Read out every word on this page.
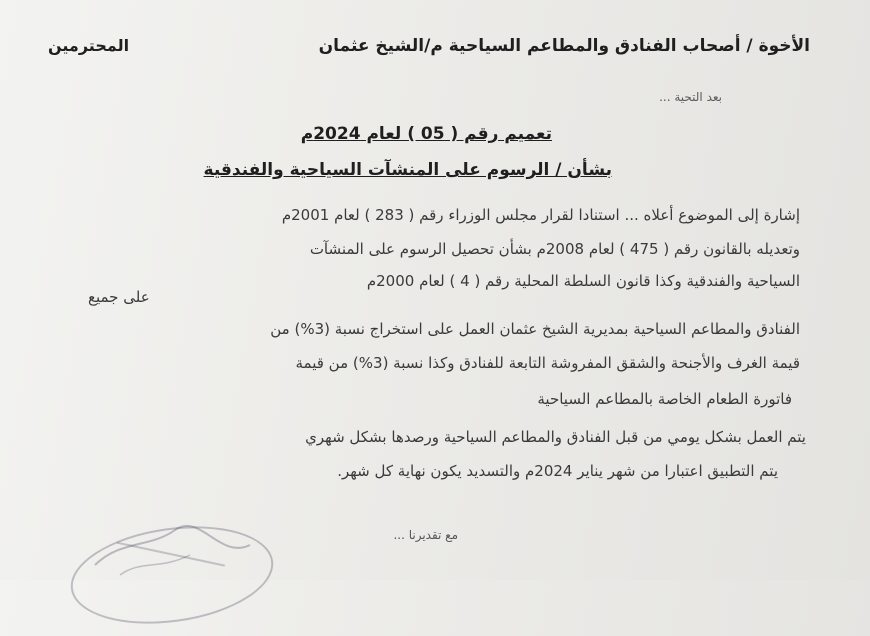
الأخوة / أصحاب الفنادق والمطاعم السياحية م/الشيخ عثمان
المحترمين
بعد التحية ...
تعميم رقم ( 05 ) لعام 2024م
بشأن / الرسوم على المنشآت السياحية والفندقية
إشارة إلى الموضوع أعلاه ... استنادا لقرار مجلس الوزراء رقم ( 283 ) لعام 2001م
وتعديله بالقانون رقم ( 475 ) لعام 2008م بشأن تحصيل الرسوم على المنشآت
السياحية والفندقية وكذا قانون السلطة المحلية رقم ( 4 ) لعام 2000م
على جميع
الفنادق والمطاعم السياحية بمديرية الشيخ عثمان العمل على استخراج نسبة (3%) من
قيمة الغرف والأجنحة والشقق المفروشة التابعة للفنادق وكذا نسبة (3%) من قيمة
فاتورة الطعام الخاصة بالمطاعم السياحية
يتم العمل بشكل يومي من قبل الفنادق والمطاعم السياحية ورصدها بشكل شهري
يتم التطبيق اعتبارا من شهر يناير 2024م والتسديد يكون نهاية كل شهر.
مع تقديرنا ...
